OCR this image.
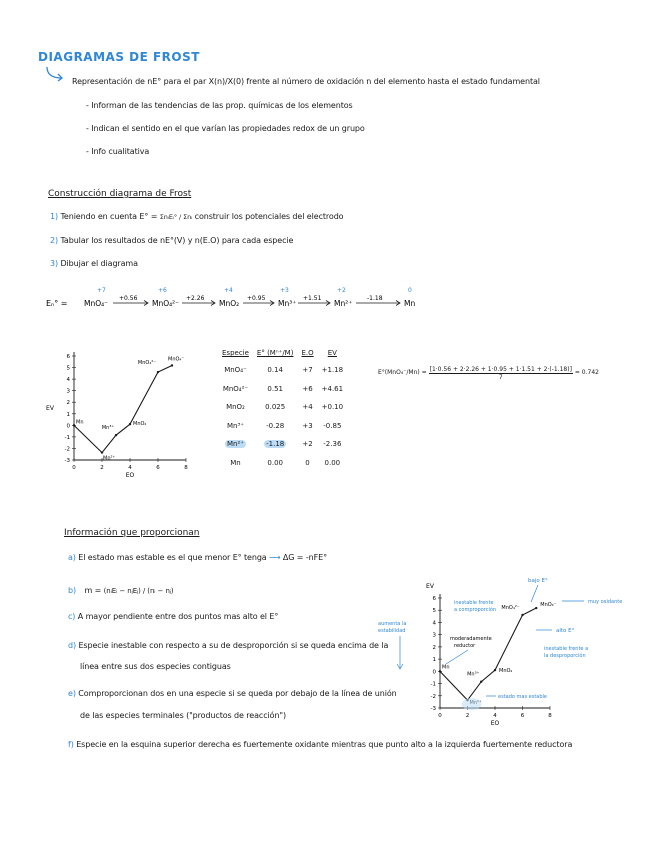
DIAGRAMAS DE FROST
Representación de nE° para el par X(n)/X(0) frente al número de oxidación n del elemento hasta el estado fundamental
- Informan de las tendencias de las prop. químicas de los elementos
- Indican el sentido en el que varían las propiedades redox de un grupo
- Info cualitativa
Construcción diagrama de Frost
1) Teniendo en cuenta E° = ΣnᵢEᵢ° / Σnᵢ construir los potenciales del electrodo
2) Tabular los resultados de nE°(V) y n(E.O) para cada especie
3) Dibujar el diagrama
Eₙ° =
+7
MnO₄⁻
+0.56
+6
MnO₄²⁻
+2.26
+4
MnO₂
+0.95
+3
Mn³⁺
+1.51
+2
Mn²⁺
-1.18
0
Mn
6
5
4
3
2
1
0
-1
-2
-3
0	2	4	6	8
EO
EV
Mn
Mn²⁺
Mn³⁺
MnO₂
MnO₄²⁻
MnO₄⁻
Especie	E° (Mⁿ⁺/M)	E.O	EV
MnO₄⁻	0.14	+7	+1.18
MnO₄²⁻	0.51	+6	+4.61
MnO₂	0.025	+4	+0.10
Mn³⁺	-0.28	+3	-0.85
Mn²⁺	-1.18	+2	-2.36
Mn	0.00	0	0.00
$E^\circ(MnO_4^-/Mn) = \frac{[1\cdot 0.56 + 2\cdot 2.26 + 1\cdot 0.95 + 1\cdot 1.51 + 2\cdot(-1.18)]}{7} = 0.742$
Información que proporcionan
a) El estado mas estable es el que menor E° tenga ⟶ ΔG = -nFE°
b) m = (nᵢEᵢ − nⱼEⱼ) / (nᵢ − nⱼ)
c) A mayor pendiente entre dos puntos mas alto el E°
d) Especie inestable con respecto a su de desproporción si se queda encima de la
línea entre sus dos especies contiguas
e) Comproporcionan dos en una especie si se queda por debajo de la línea de unión
de las especies terminales ("productos de reacción")
f) Especie en la esquina superior derecha es fuertemente oxidante mientras que punto alto a la izquierda fuertemente reductora
6
5
4
3
2
1
0
-1
-2
-3
0	2	4	6	8
EO
EV
Mn
Mn³⁺
MnO₂
MnO₄²⁻	MnO₄⁻
bajo E°
muy oxidante
inestable frente
a comproporción
alto E°
inestable frente a
la desproporción
moderadamente
reductor
estado mas estable
aumenta la
estabilidad
